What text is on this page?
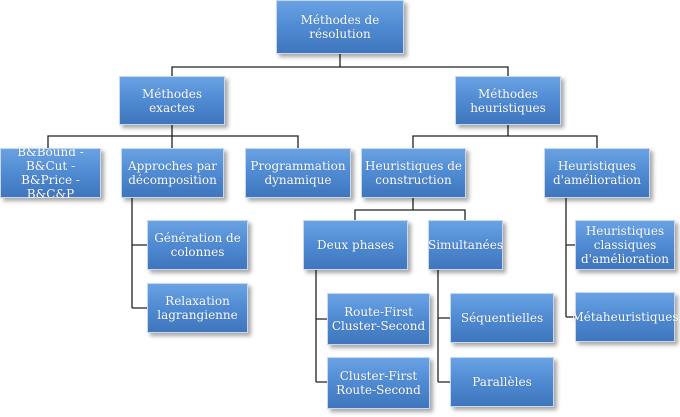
Méthodes de résolution
Méthodes exactes
Méthodes heuristiques
B&Bound - B&Cut - B&Price - B&C&P
Approches par décomposition
Programmation dynamique
Génération de colonnes
Relaxation lagrangienne
Heuristiques de construction
Heuristiques d'amélioration
Deux phases	Simultanées
Route-First Cluster-Second
Cluster-First Route-Second
Séquentielles
Parallèles
Heuristiques classiques d'amélioration
Métaheuristiques
